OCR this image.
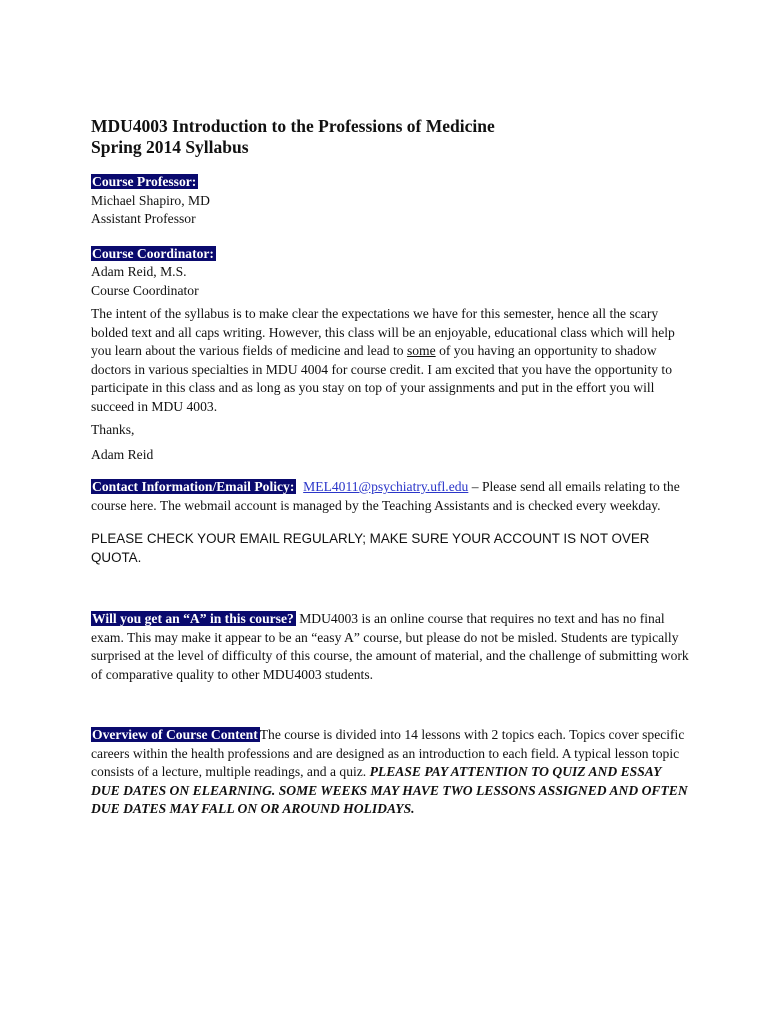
MDU4003 Introduction to the Professions of Medicine

Spring 2014 Syllabus

Course Professor:
Michael Shapiro, MD
Assistant Professor
Course Coordinator:
Adam Reid, M.S.
Course Coordinator

The intent of the syllabus is to make clear the expectations we have for this semester, hence all the scary bolded text and all caps writing. However, this class will be an enjoyable, educational class which will help you learn about the various fields of medicine and lead to some of you having an opportunity to shadow doctors in various specialties in MDU 4004 for course credit. I am excited that you have the opportunity to participate in this class and as long as you stay on top of your assignments and put in the effort you will succeed in MDU 4003.

Thanks,

Adam Reid

Contact Information/Email Policy: MEL4011@psychiatry.ufl.edu – Please send all emails relating to the course here. The webmail account is managed by the Teaching Assistants and is checked every weekday.

PLEASE CHECK YOUR EMAIL REGULARLY; MAKE SURE YOUR ACCOUNT IS NOT OVER QUOTA.

Will you get an “A” in this course? MDU4003 is an online course that requires no text and has no final exam. This may make it appear to be an “easy A” course, but please do not be misled. Students are typically surprised at the level of difficulty of this course, the amount of material, and the challenge of submitting work of comparative quality to other MDU4003 students.

Overview of Course Content The course is divided into 14 lessons with 2 topics each. Topics cover specific careers within the health professions and are designed as an introduction to each field. A typical lesson topic consists of a lecture, multiple readings, and a quiz. PLEASE PAY ATTENTION TO QUIZ AND ESSAY DUE DATES ON ELEARNING. SOME WEEKS MAY HAVE TWO LESSONS ASSIGNED AND OFTEN DUE DATES MAY FALL ON OR AROUND HOLIDAYS.
